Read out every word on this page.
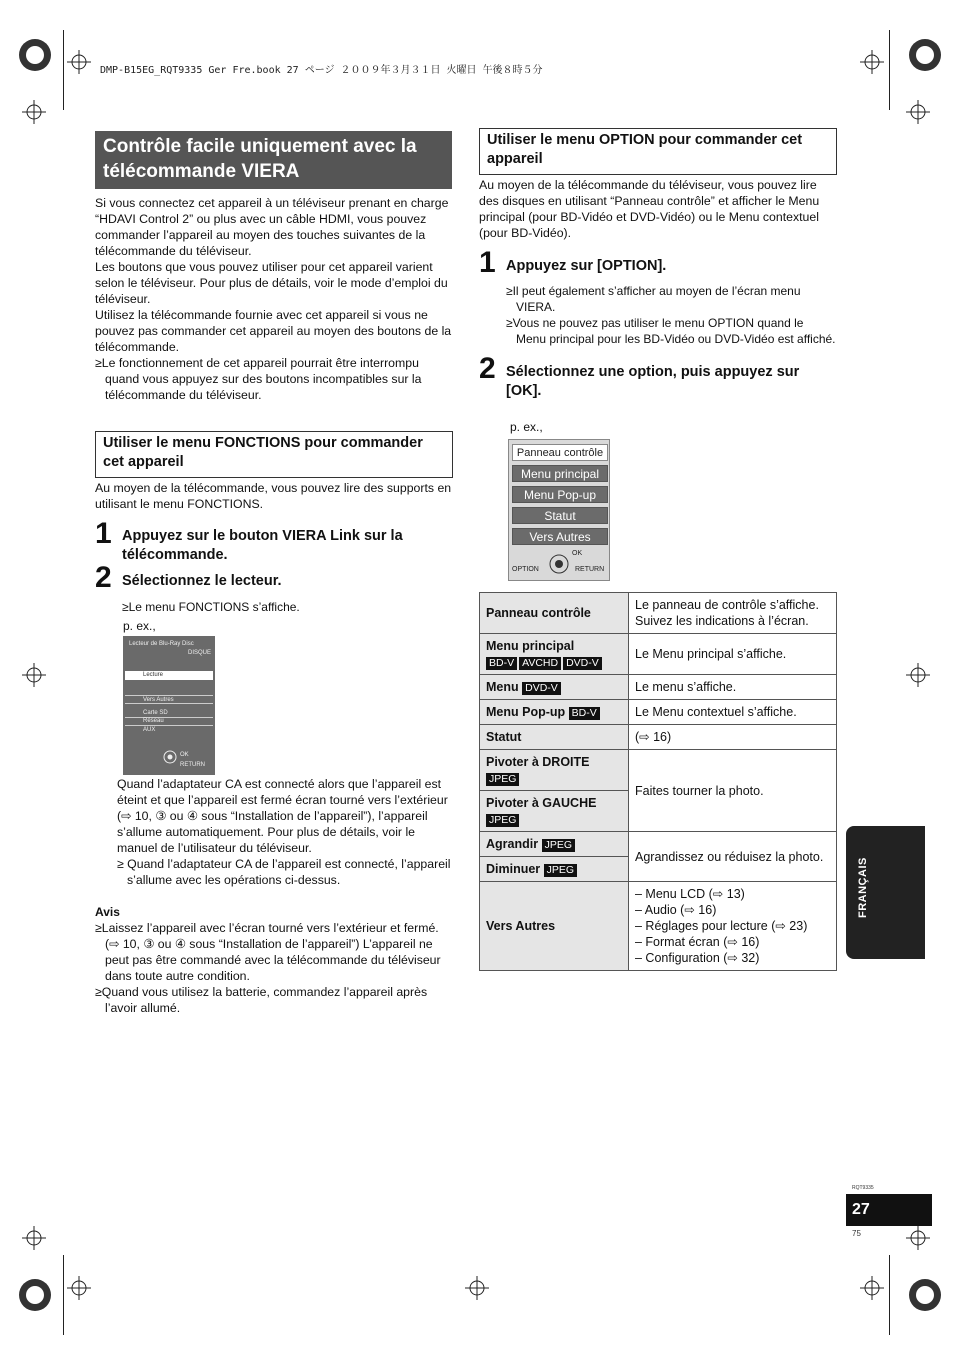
DMP-B15EG_RQT9335 Ger Fre.book 27 ページ ２００９年３月３１日 火曜日 午後８時５分
Contrôle facile uniquement avec la télécommande VIERA

Si vous connectez cet appareil à un téléviseur prenant en charge “HDAVI Control 2” ou plus avec un câble HDMI, vous pouvez commander l’appareil au moyen des touches suivantes de la télécommande du téléviseur.

Les boutons que vous pouvez utiliser pour cet appareil varient selon le téléviseur. Pour plus de détails, voir le mode d’emploi du téléviseur.

Utilisez la télécommande fournie avec cet appareil si vous ne pouvez pas commander cet appareil au moyen des boutons de la télécommande.

≥Le fonctionnement de cet appareil pourrait être interrompu quand vous appuyez sur des boutons incompatibles sur la télécommande du téléviseur.

Utiliser le menu FONCTIONS pour commander cet appareil
Au moyen de la télécommande, vous pouvez lire des supports en utilisant le menu FONCTIONS.
1 Appuyez sur le bouton VIERA Link sur la télécommande.
2 Sélectionnez le lecteur.
≥Le menu FONCTIONS s’affiche.
p. ex.,
Lecteur de Blu-Ray Disc
DISQUE
Lecture
Vers Autres
Carte SD
Réseau
AUX
OK
RETURN
Quand l’adaptateur CA est connecté alors que l’appareil est éteint et que l’appareil est fermé écran tourné vers l’extérieur (⇨ 10, ③ ou ④ sous “Installation de l’appareil”), l’appareil s’allume automatiquement. Pour plus de détails, voir le manuel de l’utilisateur du téléviseur.
≥ Quand l’adaptateur CA de l’appareil est connecté, l’appareil s’allume avec les opérations ci-dessus.
Avis
≥Laissez l’appareil avec l’écran tourné vers l’extérieur et fermé. (⇨ 10, ③ ou ④ sous “Installation de l’appareil”) L’appareil ne peut pas être commandé avec la télécommande du téléviseur dans toute autre condition.
≥Quand vous utilisez la batterie, commandez l’appareil après l’avoir allumé.
Utiliser le menu OPTION pour commander cet appareil
Au moyen de la télécommande du téléviseur, vous pouvez lire des disques en utilisant “Panneau contrôle” et afficher le Menu principal (pour BD-Vidéo et DVD-Vidéo) ou le Menu contextuel (pour BD-Vidéo).
1 Appuyez sur [OPTION].
≥Il peut également s’afficher au moyen de l’écran menu VIERA.
≥Vous ne pouvez pas utiliser le menu OPTION quand le Menu principal pour les BD-Vidéo ou DVD-Vidéo est affiché.
2 Sélectionnez une option, puis appuyez sur [OK].
p. ex.,
Panneau contrôle
Menu principal
Menu Pop-up
Statut
Vers Autres
OK
OPTION	RETURN
Panneau contrôle	Le panneau de contrôle s’affiche. Suivez les indications à l’écran.

Menu principal
BD-V AVCHD DVD-V	Le Menu principal s’affiche.
Menu DVD-V	Le menu s’affiche.
Menu Pop-up BD-V	Le Menu contextuel s’affiche.
Statut	(⇨ 16)

Pivoter à DROITE
JPEG	Faites tourner la photo.

Pivoter à GAUCHE
JPEG	

Agrandir JPEG	Agrandissez ou réduisez la photo.
Diminuer JPEG	
Vers Autres	– Menu LCD (⇨ 13)
– Audio (⇨ 16)
– Réglages pour lecture (⇨ 23)
– Format écran (⇨ 16)
– Configuration (⇨ 32)
FRANÇAIS
RQT9335
27
75
